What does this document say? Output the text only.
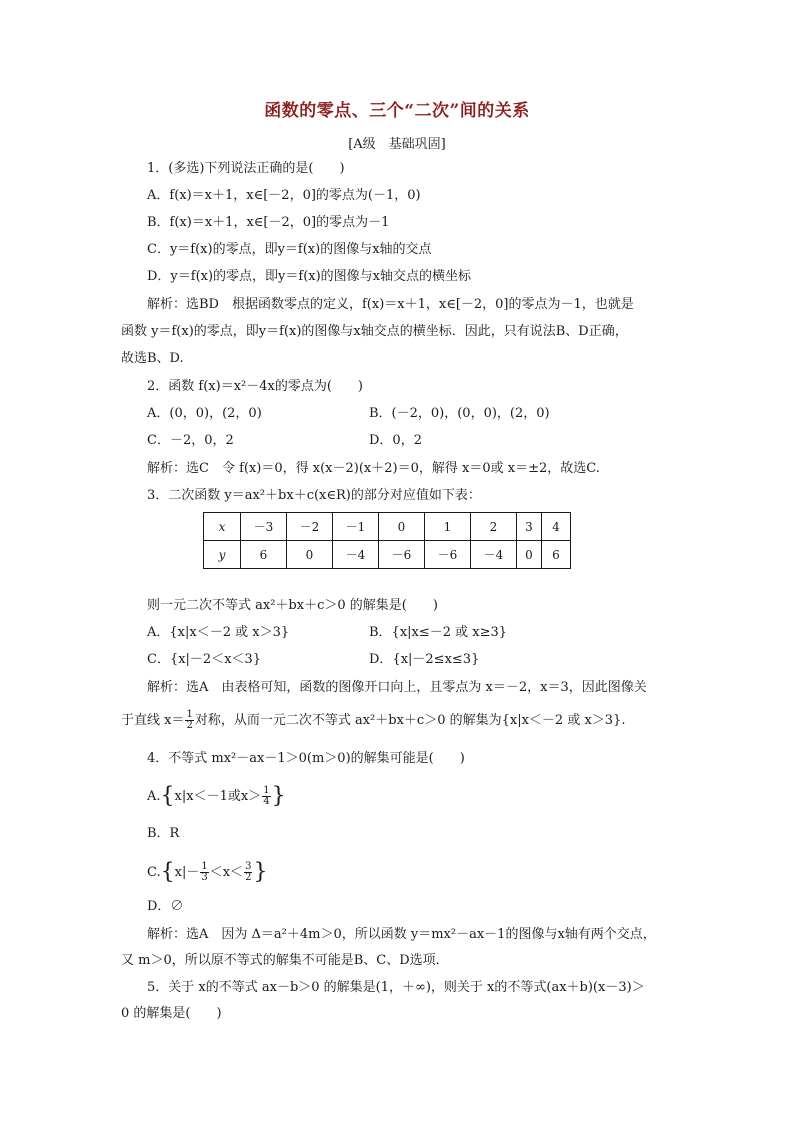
函数的零点、三个“二次”间的关系
[A级　基础巩固]
1．(多选)下列说法正确的是(　　)
A．f(x)＝x＋1，x∈[－2，0]的零点为(－1，0)
B．f(x)＝x＋1，x∈[－2，0]的零点为－1
C．y＝f(x)的零点，即y＝f(x)的图像与x轴的交点
D．y＝f(x)的零点，即y＝f(x)的图像与x轴交点的横坐标
解析：选BD　根据函数零点的定义，f(x)＝x＋1，x∈[－2，0]的零点为－1，也就是
函数 y＝f(x)的零点，即y＝f(x)的图像与x轴交点的横坐标．因此，只有说法B、D正确，
故选B、D.
2．函数 f(x)＝x²－4x的零点为(　　)
A．(0，0)，(2，0)	B．(－2，0)，(0，0)，(2，0)
C．－2，0，2	D．0，2
解析：选C　令 f(x)＝0，得 x(x－2)(x＋2)＝0，解得 x＝0或 x＝±2，故选C.
3．二次函数 y＝ax²＋bx＋c(x∈R)的部分对应值如下表：
x	－3	－2	－1	0	1	2	3	4
y	6	0	－4	－6	－6	－4	0	6
则一元二次不等式 ax²＋bx＋c＞0 的解集是(　　)
A．{x|x＜－2 或 x＞3}	B．{x|x≤－2 或 x≥3}
C．{x|－2＜x＜3}	D．{x|－2≤x≤3}
解析：选A　由表格可知，函数的图像开口向上，且零点为 x＝－2，x＝3，因此图像关
于直线 $x= \frac{1}{2}$ 对称，从而一元二次不等式 ax²＋bx＋c＞0 的解集为{x|x＜－2 或 x＞3}.
4．不等式 mx²－ax－1＞0(m＞0)的解集可能是(　　)
A.{x|x＜－1或$x> \frac{1}{4}$ }
B．R
$C.\{x|- \frac{1}{3} <x< \frac{3}{2}$ }
D．∅
解析：选A　因为 Δ＝a²＋4m＞0，所以函数 y＝mx²－ax－1的图像与x轴有两个交点，
又 m＞0，所以原不等式的解集不可能是B、C、D选项．
5．关于 x的不等式 ax－b＞0 的解集是(1，＋∞)，则关于 x的不等式(ax＋b)(x－3)＞
0 的解集是(　　)
